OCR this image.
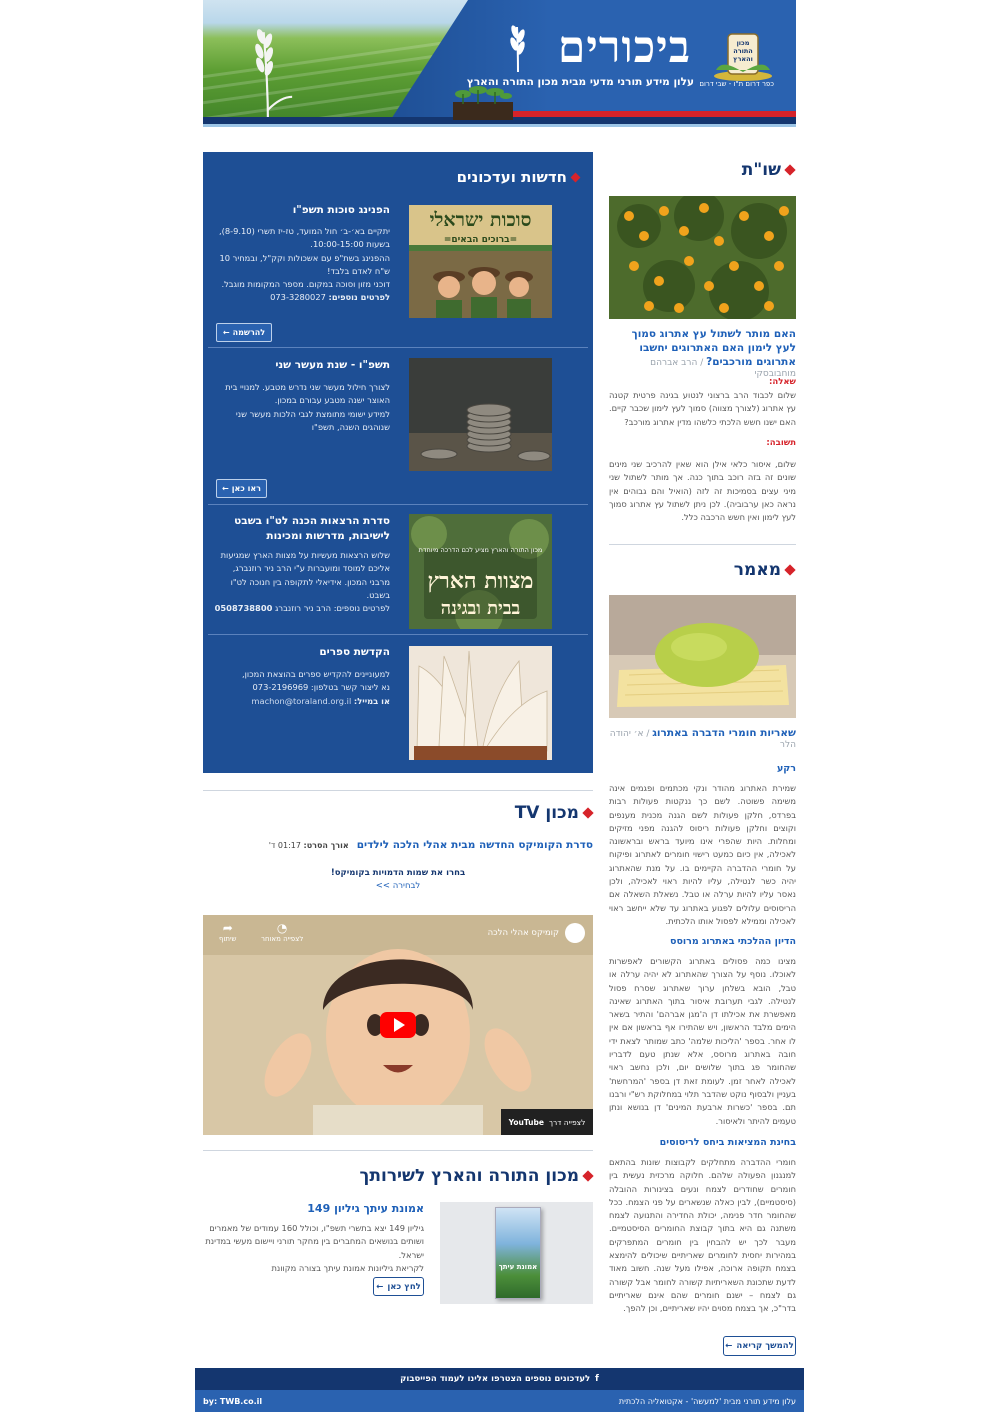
ביכורים
עלון מידע תורני מדעי מבית מכון התורה והארץ
מכון התורה והארץ
כפר דרום ת"ו - שבי דרום
שו"ת
האם מותר לשתול עץ אתרוג סמוך לעץ לימון האם האתרוגים יחשבו אתרוגים מורכבים? / הרב אברהם מוחבובסקי
שאלה:
שלום לכבוד הרב ברצוני לנטוע בגינה פרטית קטנה עץ אתרוג (לצורך מצווה) סמוך לעץ לימון שכבר קיים. האם ישנו חשש הלכתי כלשהו מדין אתרוג מורכב?
תשובה:
שלום, איסור כלאי אילן הוא שאין להרכיב שני מינים שונים זה בזה רוכב בתוך כנה. אך מותר לשתול שני מיני עצים בסמיכות זה לזה (הואיל והם גבוהים אין נראה כאן ערבוביה). לכן ניתן לשתול עץ אתרוג סמוך לעץ לימון ואין חשש הרכבה כלל.
מאמר
שאריות חומרי הדברה באתרוג / א׳ יהודה הלר
רקע
שמירת האתרוג מהודר ונקי מכתמים ופגמים אינה משימה פשוטה. לשם כך ננקטות פעולות רבות בפרדס, חלקן פעולות לשם הגנה מכנית מענפים וקוצים וחלקן פעולות ריסוס להגנה מפני מזיקים ומחלות. היות שהפרי אינו מיועד בראש ובראשונה לאכילה, אין כיום כמעט רישוי חומרים לאתרוג ופיקוח על חומרי ההדברה הקיימים בו. על מנת שהאתרוג יהיה כשר לנטילה, עליו להיות ראוי לאכילה, ולכן נאסר עליו להיות ערלה או טבל. נשאלת השאלה אם הריסוסים עלולים לפגוע באתרוג עד שלא ייחשב ראוי לאכילה וממילא לפסול אותו הלכתית.
הדיון ההלכתי באתרוג מרוסס
מצינו כמה פסולים באתרוג הקשורים לאפשרות לאוכלו. נוסף על הצורך שהאתרוג לא יהיה ערלה או טבל, הובא בשלחן ערוך שאתרוג שסרח פסול לנטילה. לגבי תערובת איסור בתוך האתרוג שאינה מאפשרת את אכילתו דן ה'מגן אברהם' והתיר בשאר הימים מלבד הראשון, ויש שהתירו אף בראשון אם אין לו אחר. בספר 'הליכות שלמה' כתב שמותר לצאת ידי חובה באתרוג מרוסס, אלא שנתן טעם לדבריו שהחומר פג בתוך שלושים יום, ולכן נחשב ראוי לאכילה לאחר זמן. לעומת זאת דן בספר 'המרחשת' בעניין ולבסוף נוקט שהדבר תלוי במחלוקת רש"י ורבנו תם. בספר 'כשרות ארבעת המינים' דן בנושא ונתן טעמים להיתר ולאיסור.
בחינת המציאות ביחס לריסוסים
חומרי ההדברה מתחלקים לקבוצות שונות בהתאם למנגנון הפעולה שלהם. חלוקה מרכזית נעשית בין חומרים שחודרים לצמח ונעים בצינורות ההובלה (סיסטמיים), לבין כאלה שנשארים על פני הצמח. ככל שהחומר חדר פנימה, יכולת החדירה והתנועה לצמח משתנה גם היא בתוך קבוצת החומרים הסיסטמיים. מעבר לכך יש להבחין בין חומרים המתפרקים במהירות יחסית לחומרים שאריתיים שיכולים להימצא בצמח תקופה ארוכה, אפילו מעל שנה. חשוב מאוד לדעת שתכונת השאריתיות קשורה לחומר אבל קשורה גם לצמח – ישנם חומרים שהם אינם שאריתיים בדר"כ, אך בצמח מסוים יהיו שאריתיים, וכן להפך.
להמשך קריאה
←
חדשות ועדכונים
סוכות ישראלי
=ברוכים הבאים=
הפנינג סוכות תשפ"ו
יתקיים בא׳-ב׳ חול המועד, טז-יז תשרי (8-9.10),
בשעות 10:00-15:00.
ההפנינג בשת"פ עם אשכולות וקק"ל, ובמחיר 10
ש"ח לאדם בלבד!
דוכני מזון וסוכה במקום. מספר המקומות מוגבל.
לפרטים נוספים: 073-3280027
להרשמה
←
תשפ"ו - שנת מעשר שני
לצורך חילול מעשר שני נדרש מטבע. למנויי בית
האוצר ישנה מטבע עבורם במכון.
למידע ישומי מתומצת לגבי הלכות מעשר שני
שנוהגים השנה, תשפ"ו
ראו כאן
←
מכון התורה והארץ מציע לכם הדרכה מיוחדת
מצוות הארץ
בבית ובגינה
סדרת הרצאות הכנה לט"ו בשבט לישיבות, מדרשות ומכינות
שלוש הרצאות מעשיות על מצוות הארץ שמגיעות
אליכם למוסד ומועברות ע"י הרב ניר רוזנברג,
מרבני המכון. אידיאלי לתקופה בין חנוכה לט"ו
בשבט.
לפרטים נוספים: הרב ניר רוזנברג 0508738800
הקדשת ספרים
למעוניינים להקדיש ספרים בהוצאת המכון,
נא ליצור קשר בטלפון: 073-2196969
או במייל: machon@toraland.org.il
מכון TV
סדרת הקומיקס החדשה מבית אהלי הלכה לילדים
אורך הסרט: 01:17 ד'
בחרו את שמות הדמויות בקומיקס!
לבחירה >>
קומיקס אהלי הלכה
◔
לצפייה מאוחר
➦
שיתוף
לצפייה דרך
YouTube
מכון התורה והארץ לשירותך
אמונת עיתך
אמונת עיתך גיליון 149
גיליון 149 יצא בתשרי תשפ"ו, וכולל 160 עמודים של מאמרים
ושותים בנושאים המחברים בין מחקר תורני ויישום מעשי במדינת
ישראל.
לקריאת גיליונות אמונת עיתך בצורה מקוונת
לחץ כאן
←
f
לעדכונים נוספים הצטרפו אלינו לעמוד הפייסבוק
עלון מידע תורני מבית 'למעשה' - אקטואליה הלכתית
by: TWB.co.il
